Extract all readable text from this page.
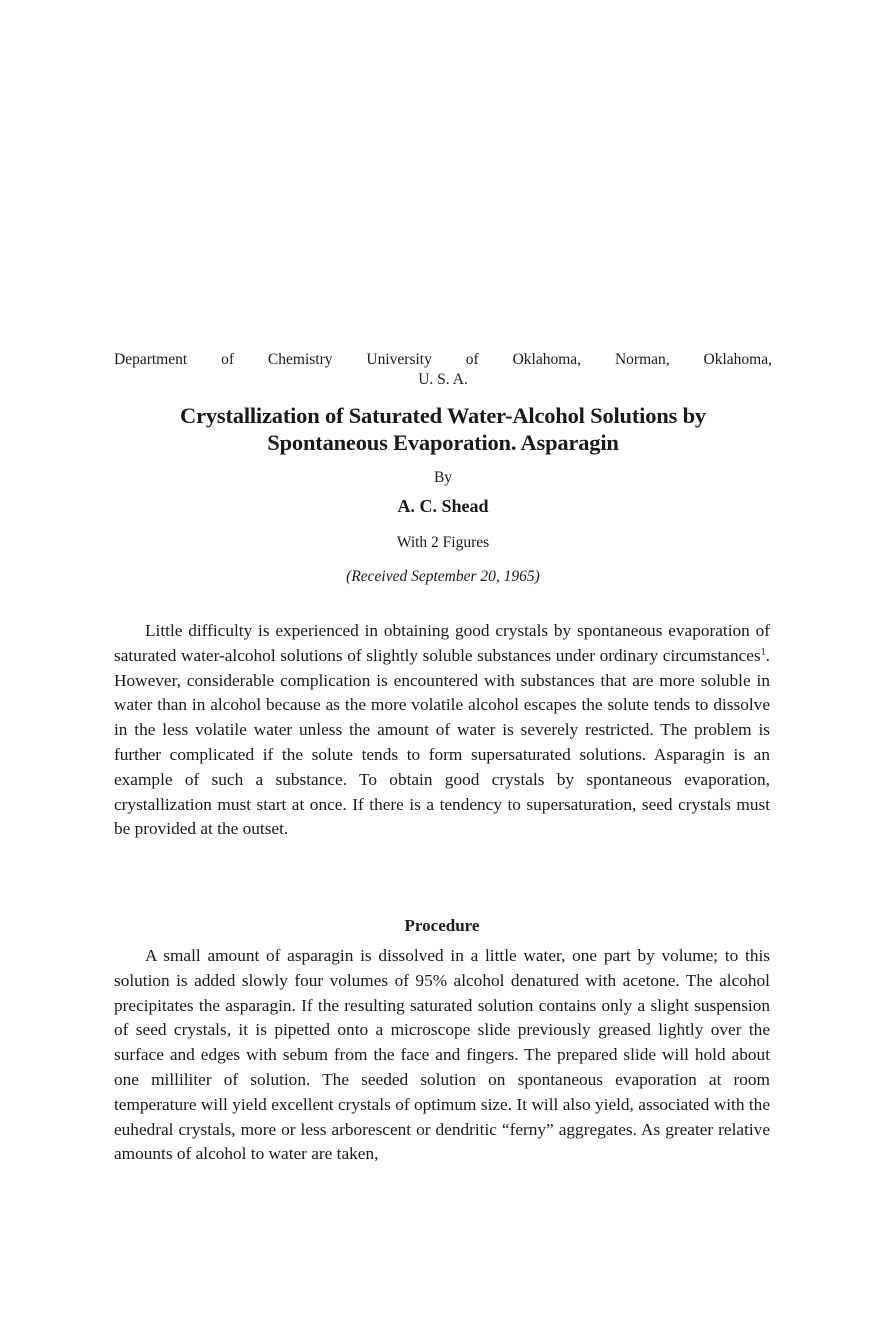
Department of Chemistry University of Oklahoma, Norman, Oklahoma,
U. S. A.
Crystallization of Saturated Water-Alcohol Solutions by
Spontaneous Evaporation. Asparagin
By
A. C. Shead
With 2 Figures
(Received September 20, 1965)

Little difficulty is experienced in obtaining good crystals by spontaneous evaporation of saturated water-alcohol solutions of slightly soluble substances under ordinary circumstances$^1$. However, considerable complication is encountered with substances that are more soluble in water than in alcohol because as the more volatile alcohol escapes the solute tends to dissolve in the less volatile water unless the amount of water is severely restricted. The problem is further complicated if the solute tends to form supersaturated solutions. Asparagin is an example of such a substance. To obtain good crystals by spontaneous evaporation, crystallization must start at once. If there is a tendency to supersaturation, seed crystals must be provided at the outset.

Procedure

A small amount of asparagin is dissolved in a little water, one part by volume; to this solution is added slowly four volumes of 95% alcohol denatured with acetone. The alcohol precipitates the asparagin. If the resulting saturated solution contains only a slight suspension of seed crystals, it is pipetted onto a microscope slide previously greased lightly over the surface and edges with sebum from the face and fingers. The prepared slide will hold about one milliliter of solution. The seeded solution on spontaneous evaporation at room temperature will yield excellent crystals of optimum size. It will also yield, associated with the euhedral crystals, more or less arborescent or dendritic “ferny” aggregates. As greater relative amounts of alcohol to water are taken,
